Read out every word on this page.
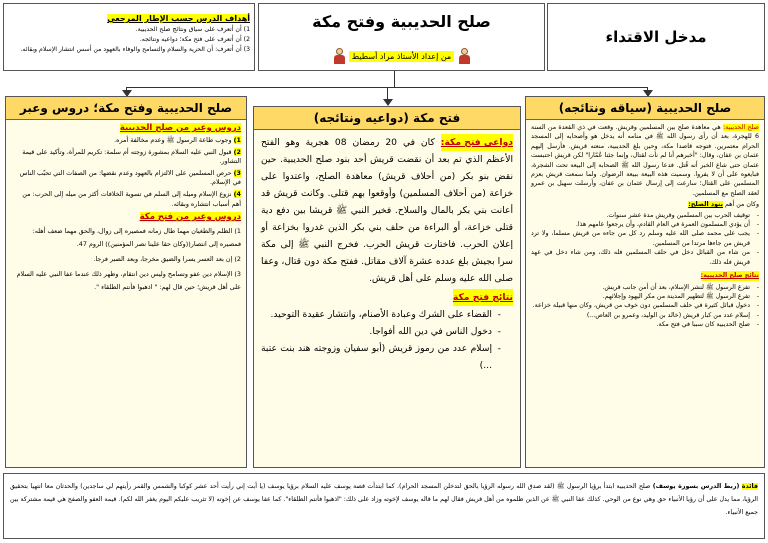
مدخل الاقتداء
صلح الحديبية وفتح مكة
من إعداد الأستاذ مراد أسطيط
أهداف الدرس حسب الإطار المرجعي
1) أن أتعرف على سياق ونتائج صلح الحديبية.
2) أن أتعرف على فتح مكة؛ دواعيه ونتائجه.
3) أن أتعرف: أن الحرية والسلام والتسامح والوفاء بالعهود من أسس انتشار الإسلام وبقائه.
صلح الحديبية (سياقه ونتائجه)

صلح الحديبية: هي معاهدة صلح بين المسلمين وقريش. وقعت في ذي القعدة من السنة 6 للهجرة، بعد أن رأى رسول الله ﷺ في منامه أنه يدخل هو وأصحابه إلى المسجد الحرام معتمرين. فتوجه قاصدا مكة، وحين بلغ الحديبية، منعته قريش. فأرسل إليهم عثمان بن عفان، وقال: "أخبرهم أنا لم نأت لقتال، وإنما جئنا عُمّارا" لكن قريش احتبست عثمان حتى شاع الخبر أنه قُتل. فدعا رسول الله ﷺ الصحابة إلى البيعة تحت الشجرة، فبايعوه على أن لا يفروا. وسميت هذه البيعة ببيعة الرضوان. ولما سمعت قريش بعزم المسلمين على القتال؛ سارعت إلى إرسال عثمان بن عفان، وأرسلت سهيل بن عمرو لعقد الصلح مع المسلمين.

وكان من أهم بنود الصلح:

- توقيف الحرب بين المسلمين وقريش مدة عشر سنوات.
- أن يؤدي المسلمون العمرة في العام القادم، وأن يرجعوا عامهم هذا.
- يجب على محمد صلى الله عليه وسلم رد كل من جاءه من قريش مسلما، ولا ترد قريش من جاءها مرتدا من المسلمين.
- من شاء من القبائل دخل في حلف المسلمين فله ذلك، ومن شاء دخل في عهد قريش فله ذلك.

نتائج صلح الحديبية:

- تفرغ الرسول ﷺ لنشر الإسلام، بعد أن أمن جانب قريش.
- تفرغ الرسول ﷺ لتطهير المدينة من مكر اليهود وإجلائهم.
- دخول قبائل كثيرة في حلف المسلمين دون خوف من قريش، وكان منها قبيلة خزاعة.
- إسلام عدد من كبار قريش (خالد بن الوليد، وعمرو بن العاص...)
- صلح الحديبية كان سببا في فتح مكة.
فتح مكة (دواعيه ونتائجه)

دواعي فتح مكة: كان في 20 رمضان 08 هجرية وهو الفتح الأعظم الذي تم بعد أن نقضت قريش أحد بنود صلح الحديبية. حين نقض بنو بكر (من أحلاف قريش) معاهدة الصلح، واعتدوا على خزاعة (من أحلاف المسلمين) وأوقعوا بهم قتلى. وكانت قريش قد أعانت بني بكر بالمال والسلاح. فخير النبي ﷺ قريشا بين دفع دية قتلى خزاعة، أو البراءة من حلف بني بكر الذين غدروا بخزاعة أو إعلان الحرب. فاختارت قريش الحرب. فخرج النبي ﷺ إلى مكة سرا بجيش بلغ عدده عشرة آلاف مقاتل. ففتح مكة دون قتال، وعفا صلى الله عليه وسلم على أهل قريش.

نتائج فتح مكة

- القضاء على الشرك وعبادة الأصنام، وانتشار عقيدة التوحيد.
- دخول الناس في دين الله أفواجا.
- إسلام عدد من رموز قريش (أبو سفيان وزوجته هند بنت عتبة ...)
صلح الحديبية وفتح مكة؛ دروس وعبر

دروس وعبر من صلح الحديبية

1) وجوب طاعة الرسول ﷺ وعدم مخالفة أمره.
2) قبول النبي عليه السلام بمشورة زوجته أم سلمة: تكريم للمرأة، وتأكيد على قيمة التشاور.
3) حرص المسلمين على الالتزام بالعهود وعدم نقضها: من الصفات التي تحبّب الناس في الإسلام.
4) نزوع الإسلام وميله إلى السلم في تسوية الخلافات أكثر من ميله إلى الحرب: من أهم أسباب انتشاره وبقائه.

دروس وعبر من فتح مكة

1) الظلم والطغيان مهما طال زمانه فمصيره إلى زوال، والحق مهما ضعف أهله: فمصيره إلى انتصار((وكان حقا علينا نصر المؤمنين)) الروم 47.
2) إن بعد العسر يسرا والضيق مخرجا، وبعد الصبر فرجا.
3) الإسلام دين عفو وتسامح وليس دين انتقام، وظهر ذلك عندما عفا النبي عليه السلام على أهل قريش؛ حين قال لهم: " اذهبوا فأنتم الطلقاء ".
فائدة (ربط الدرس بسورة يوسف) صلح الحديبية ابتدأ برؤيا الرسول ﷺ (لقد صدق الله رسوله الرؤيا بالحق لتدخلن المسجد الحرام). كما ابتدأت قصة يوسف عليه السلام برؤيا يوسف (يا أبت إني رأيت أحد عشر كوكبا والشمس والقمر رأيتهم لي ساجدين) والحدثان معا انتهيا بتحقيق الرؤيا، مما يدل على أن رؤيا الأنبياء حق وهي نوع من الوحي. كذلك عفا النبي ﷺ عن الذين ظلموه من أهل قريش فقال لهم ما قاله يوسف لإخوته وزاد على ذلك: "اذهبوا فأنتم الطلقاء". كما عفا يوسف عن إخوته (لا تثريب عليكم اليوم يغفر الله لكم). قيمة العفو والصفح هي قيمة مشتركة بين جميع الأنبياء.
